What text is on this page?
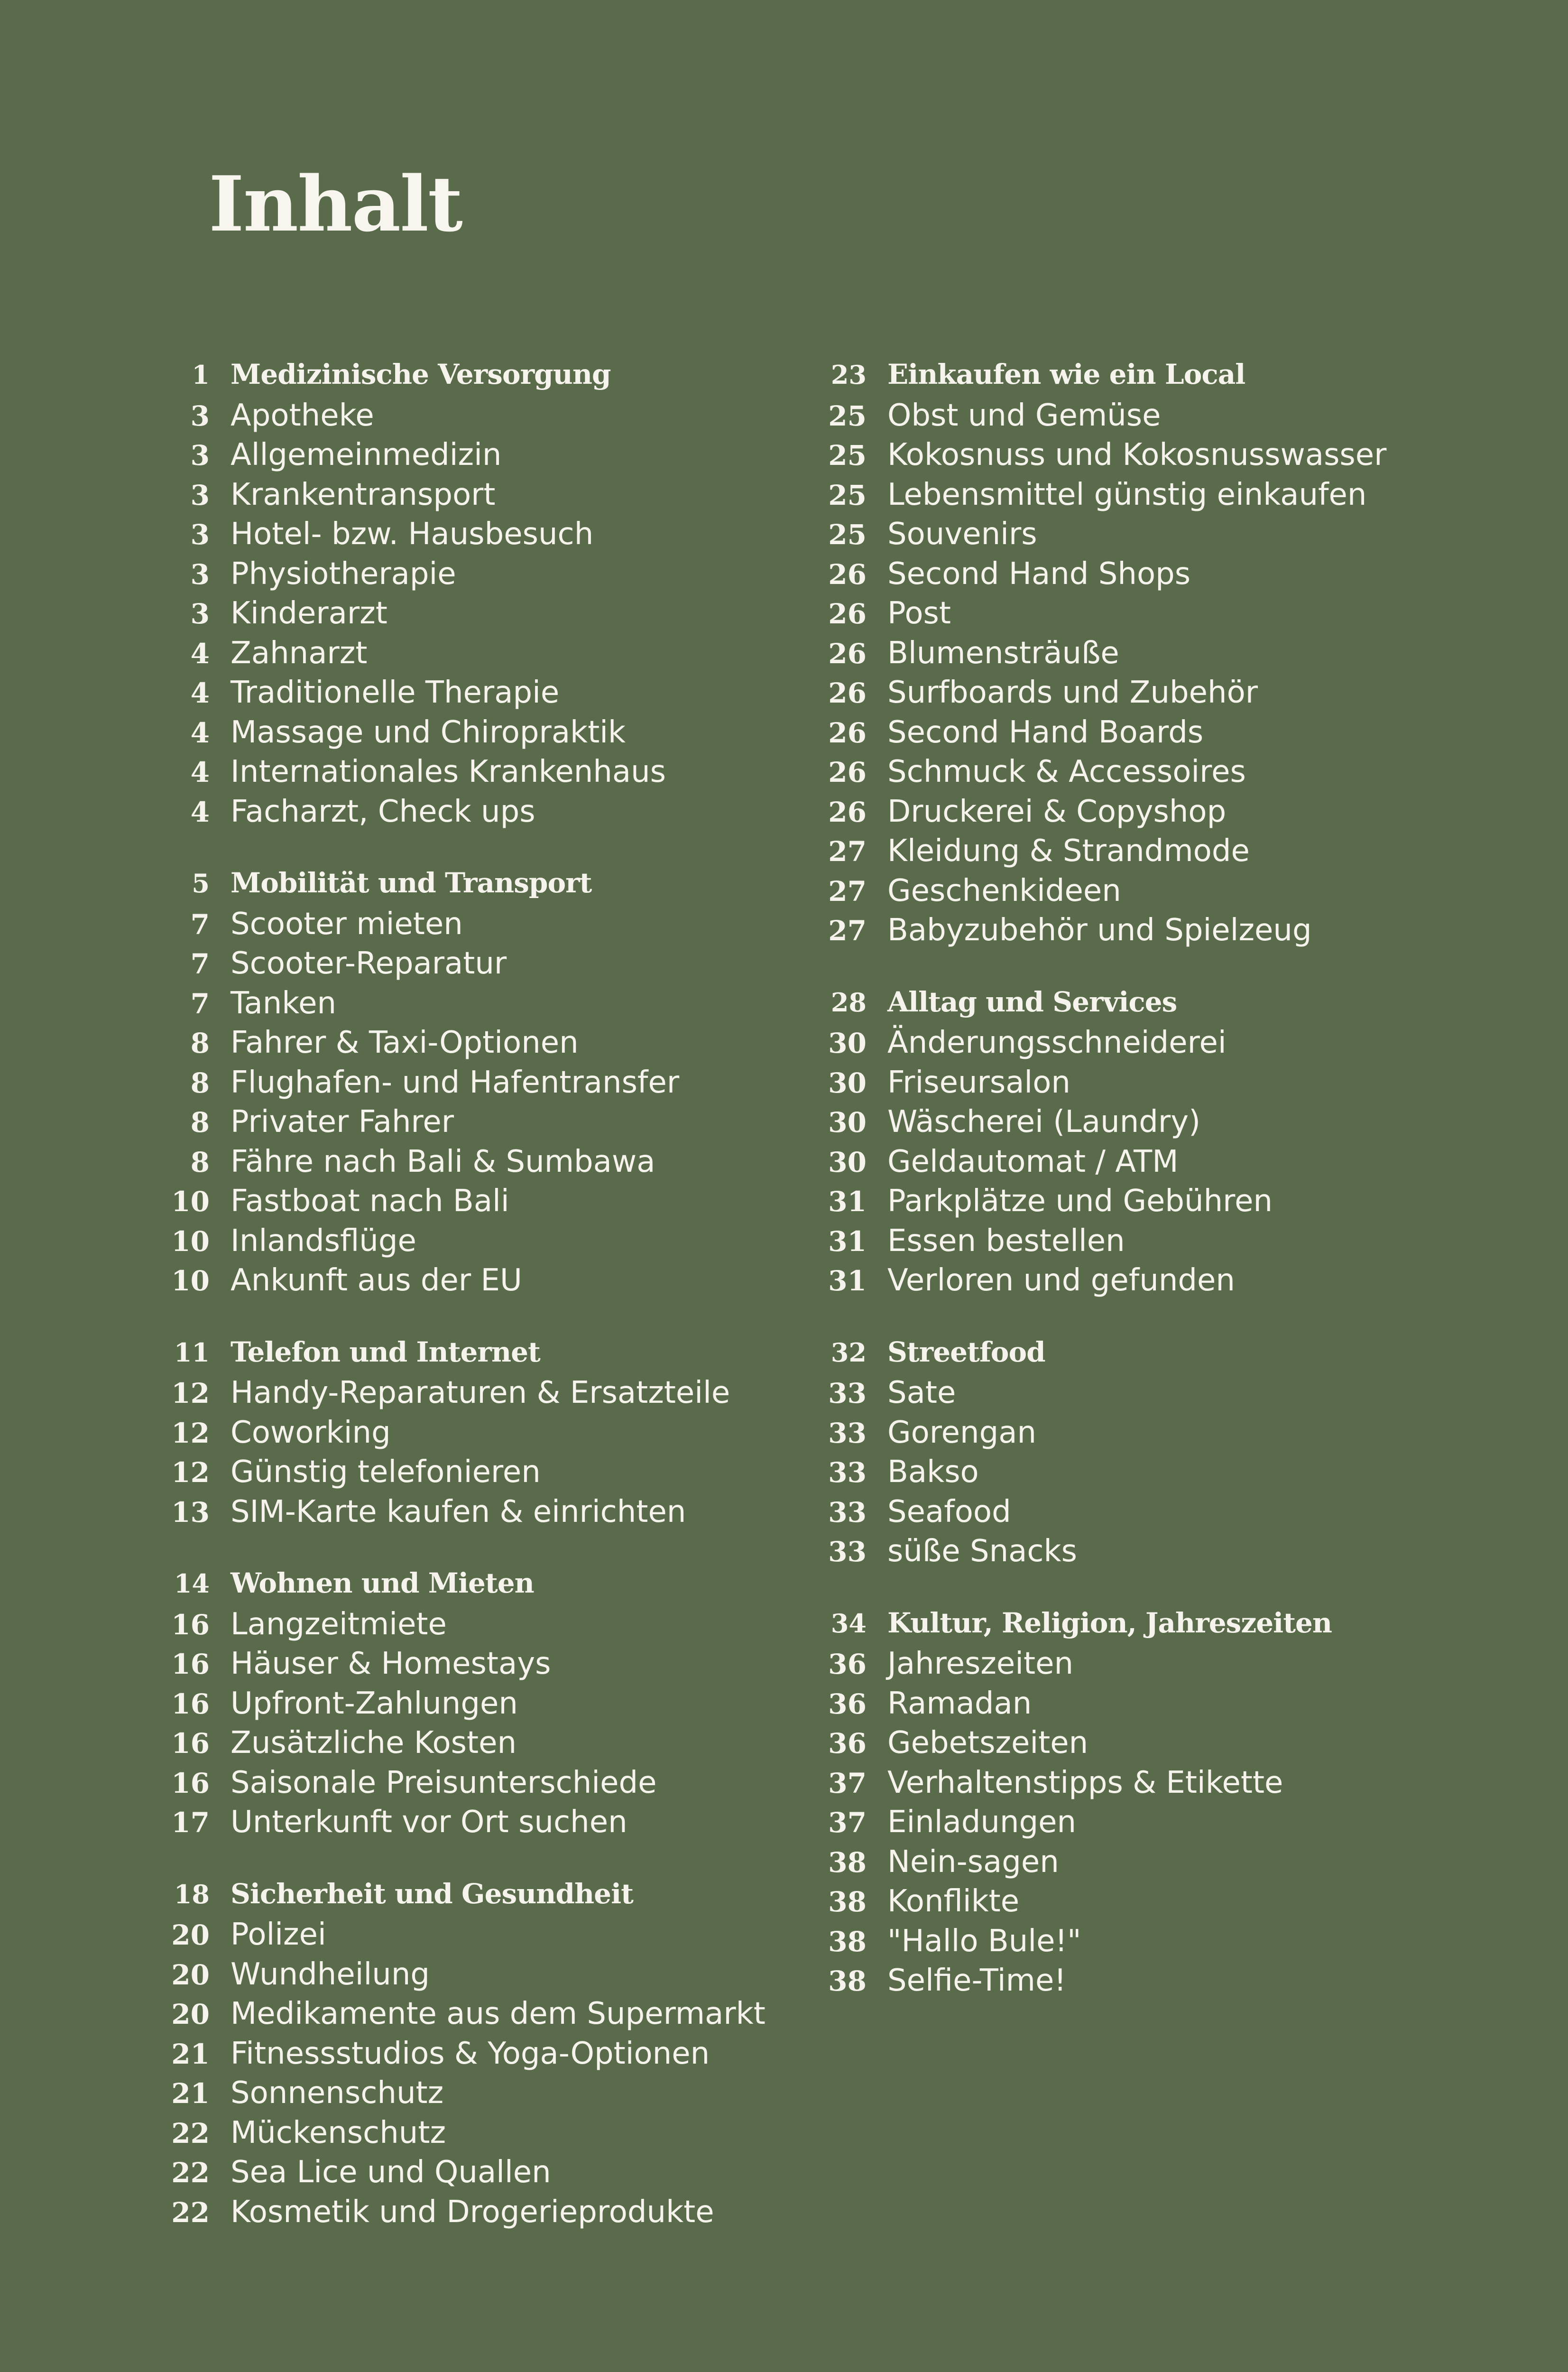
Inhalt
1 Medizinische Versorgung
3 Apotheke
3 Allgemeinmedizin
3 Krankentransport
3 Hotel- bzw. Hausbesuch
3 Physiotherapie
3 Kinderarzt
4 Zahnarzt
4 Traditionelle Therapie
4 Massage und Chiropraktik
4 Internationales Krankenhaus
4 Facharzt, Check ups
5 Mobilität und Transport
7 Scooter mieten
7 Scooter-Reparatur
7 Tanken
8 Fahrer & Taxi-Optionen
8 Flughafen- und Hafentransfer
8 Privater Fahrer
8 Fähre nach Bali & Sumbawa
10 Fastboat nach Bali
10 Inlandsflüge
10 Ankunft aus der EU
11 Telefon und Internet
12 Handy-Reparaturen & Ersatzteile
12 Coworking
12 Günstig telefonieren
13 SIM-Karte kaufen & einrichten
14 Wohnen und Mieten
16 Langzeitmiete
16 Häuser & Homestays
16 Upfront-Zahlungen
16 Zusätzliche Kosten
16 Saisonale Preisunterschiede
17 Unterkunft vor Ort suchen
18 Sicherheit und Gesundheit
20 Polizei
20 Wundheilung
20 Medikamente aus dem Supermarkt
21 Fitnessstudios & Yoga-Optionen
21 Sonnenschutz
22 Mückenschutz
22 Sea Lice und Quallen
22 Kosmetik und Drogerieprodukte
23 Einkaufen wie ein Local
25 Obst und Gemüse
25 Kokosnuss und Kokosnusswasser
25 Lebensmittel günstig einkaufen
25 Souvenirs
26 Second Hand Shops
26 Post
26 Blumensträuße
26 Surfboards und Zubehör
26 Second Hand Boards
26 Schmuck & Accessoires
26 Druckerei & Copyshop
27 Kleidung & Strandmode
27 Geschenkideen
27 Babyzubehör und Spielzeug
28 Alltag und Services
30 Änderungsschneiderei
30 Friseursalon
30 Wäscherei (Laundry)
30 Geldautomat / ATM
31 Parkplätze und Gebühren
31 Essen bestellen
31 Verloren und gefunden
32 Streetfood
33 Sate
33 Gorengan
33 Bakso
33 Seafood
33 süße Snacks
34 Kultur, Religion, Jahreszeiten
36 Jahreszeiten
36 Ramadan
36 Gebetszeiten
37 Verhaltenstipps & Etikette
37 Einladungen
38 Nein-sagen
38 Konflikte
38 "Hallo Bule!"
38 Selfie-Time!
